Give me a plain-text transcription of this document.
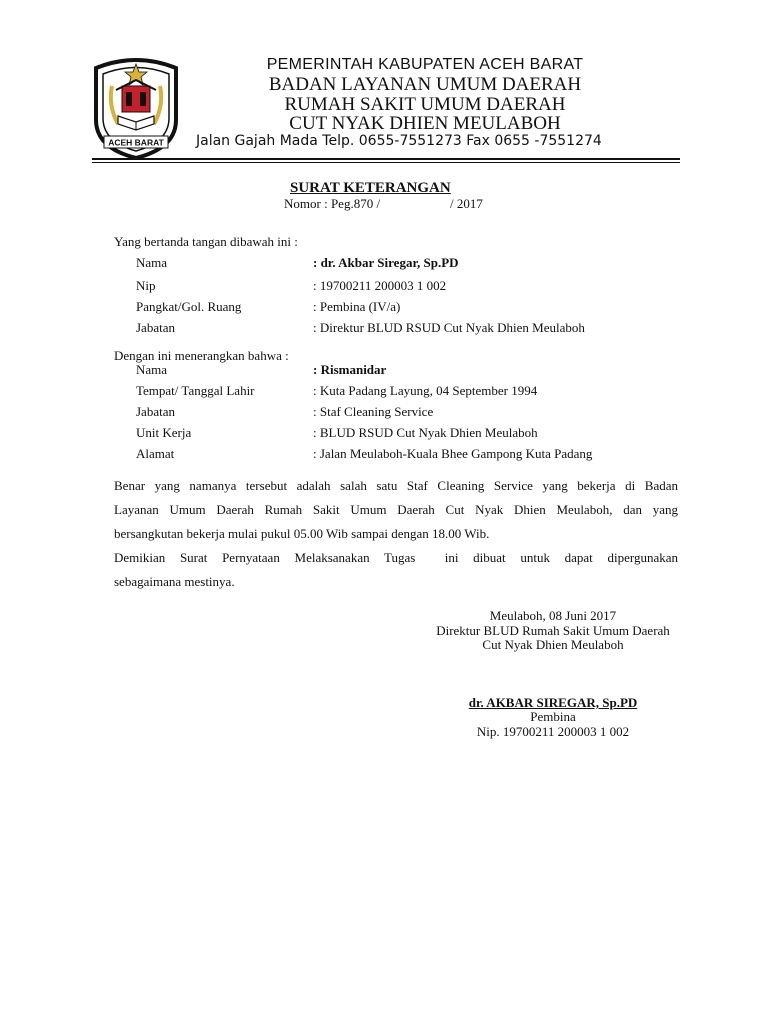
ACEH BARAT
PEMERINTAH KABUPATEN ACEH BARAT
BADAN LAYANAN UMUM DAERAH
RUMAH SAKIT UMUM DAERAH
CUT NYAK DHIEN MEULABOH
Jalan Gajah Mada Telp. 0655-7551273 Fax 0655 -7551274
SURAT KETERANGAN
Nomor : Peg.870 /	/ 2017
Yang bertanda tangan dibawah ini :
Nama	: dr. Akbar Siregar, Sp.PD
Nip	: 19700211 200003 1 002
Pangkat/Gol. Ruang	: Pembina (IV/a)
Jabatan	: Direktur BLUD RSUD Cut Nyak Dhien Meulaboh
Dengan ini menerangkan bahwa :
Nama	: Rismanidar
Tempat/ Tanggal Lahir	: Kuta Padang Layung, 04 September 1994
Jabatan	: Staf Cleaning Service
Unit Kerja	: BLUD RSUD Cut Nyak Dhien Meulaboh
Alamat	: Jalan Meulaboh-Kuala Bhee Gampong Kuta Padang
Benar yang namanya tersebut adalah salah satu Staf Cleaning Service yang bekerja di Badan
Layanan Umum Daerah Rumah Sakit Umum Daerah Cut Nyak Dhien Meulaboh, dan yang
bersangkutan bekerja mulai pukul 05.00 Wib sampai dengan 18.00 Wib.
Demikian Surat Pernyataan Melaksanakan Tugas  ini dibuat untuk dapat dipergunakan
sebagaimana mestinya.
Meulaboh, 08 Juni 2017
Direktur BLUD Rumah Sakit Umum Daerah
Cut Nyak Dhien Meulaboh
dr. AKBAR SIREGAR, Sp.PD
Pembina
Nip. 19700211 200003 1 002
